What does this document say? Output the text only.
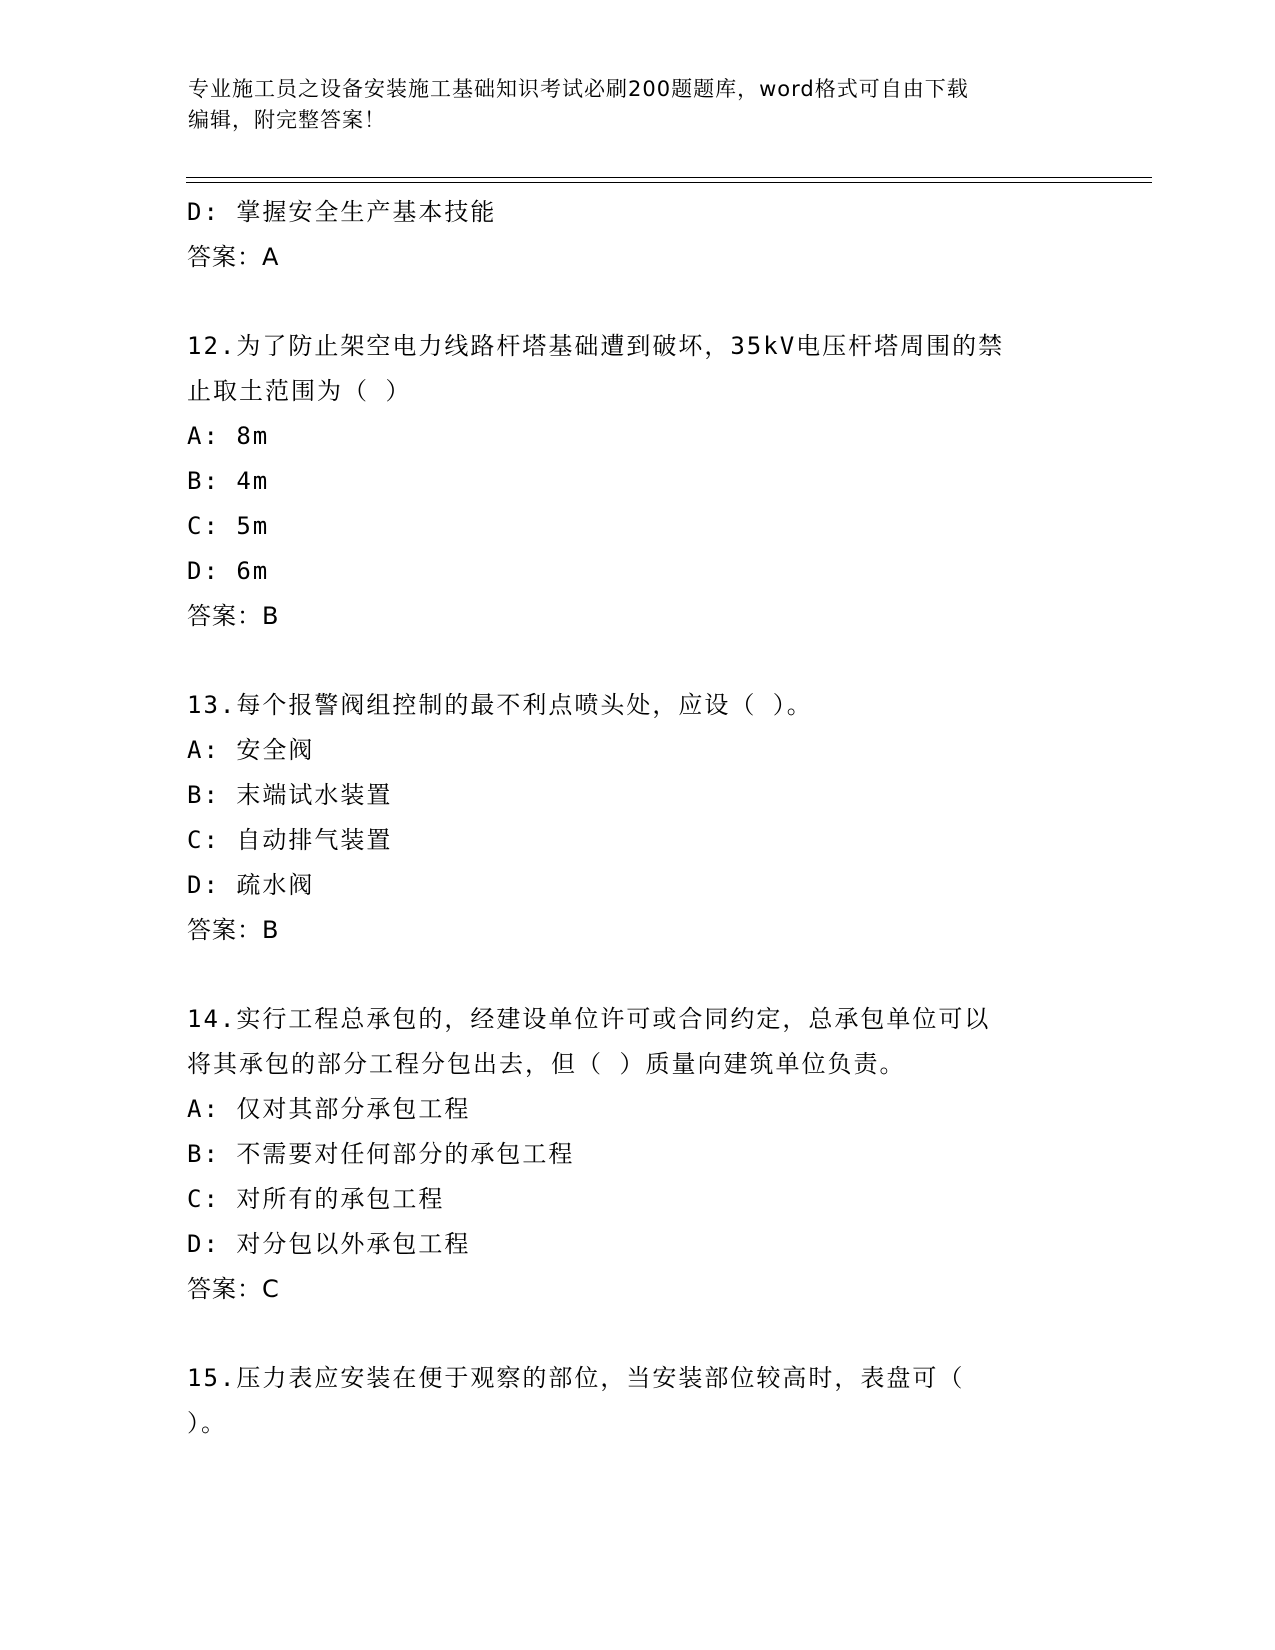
专业施工员之设备安装施工基础知识考试必刷200题题库，word格式可自由下载
编辑，附完整答案！
D: 掌握安全生产基本技能
答案：A
12.为了防止架空电力线路杆塔基础遭到破坏，35kV电压杆塔周围的禁
止取土范围为（ ）
A: 8m
B: 4m
C: 5m
D: 6m
答案：B
13.每个报警阀组控制的最不利点喷头处，应设（ ）。
A: 安全阀
B: 末端试水装置
C: 自动排气装置
D: 疏水阀
答案：B
14.实行工程总承包的，经建设单位许可或合同约定，总承包单位可以
将其承包的部分工程分包出去，但（ ）质量向建筑单位负责。
A: 仅对其部分承包工程
B: 不需要对任何部分的承包工程
C: 对所有的承包工程
D: 对分包以外承包工程
答案：C
15.压力表应安装在便于观察的部位，当安装部位较高时，表盘可（
）。
